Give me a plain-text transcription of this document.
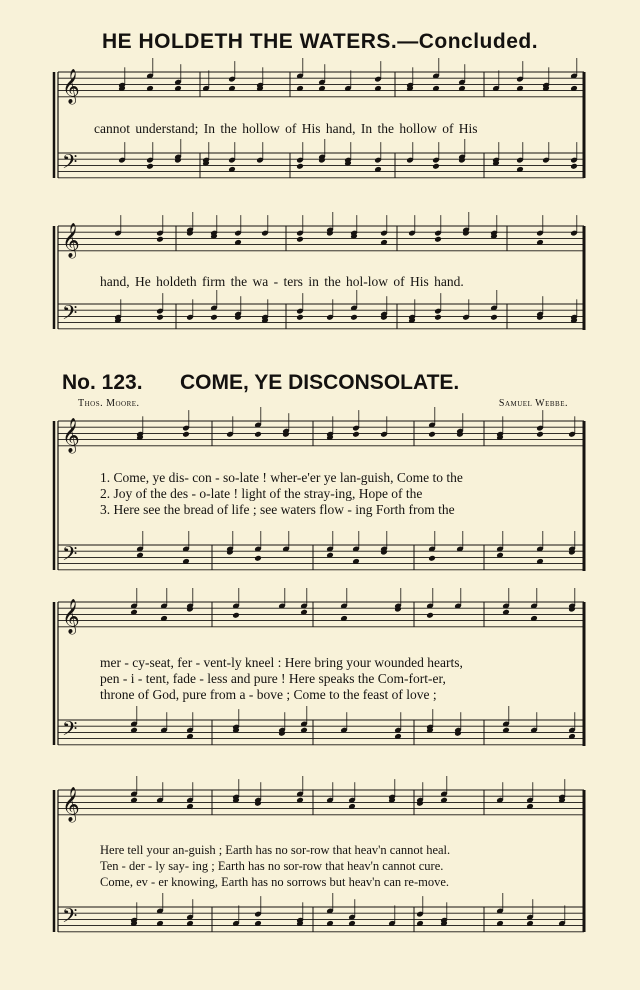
HE HOLDETH THE WATERS.—Concluded.
No. 123. COME, YE DISCONSOLATE.
Thos. Moore.	Samuel Webbe.
𝄞
𝄢
𝄞
𝄢
𝄞
𝄢
𝄞
𝄢
𝄞
𝄢
cannot understand; In the hollow of His hand, In the hollow of His
hand, He holdeth firm the wa - ters in the hol-low of His hand.
1. Come, ye dis- con - so-late ! wher-e'er ye lan-guish, Come to the
2. Joy of the des - o-late ! light of the stray-ing, Hope of the
3. Here see the bread of life ; see waters flow - ing Forth from the
mer - cy-seat, fer - vent-ly kneel : Here bring your wounded hearts,
pen - i - tent, fade - less and pure ! Here speaks the Com-fort-er,
throne of God, pure from a - bove ; Come to the feast of love ;
Here tell your an-guish ; Earth has no sor-row that heav'n cannot heal.
Ten - der - ly say- ing ; Earth has no sor-row that heav'n cannot cure.
Come, ev - er knowing, Earth has no sorrows but heav'n can re-move.
